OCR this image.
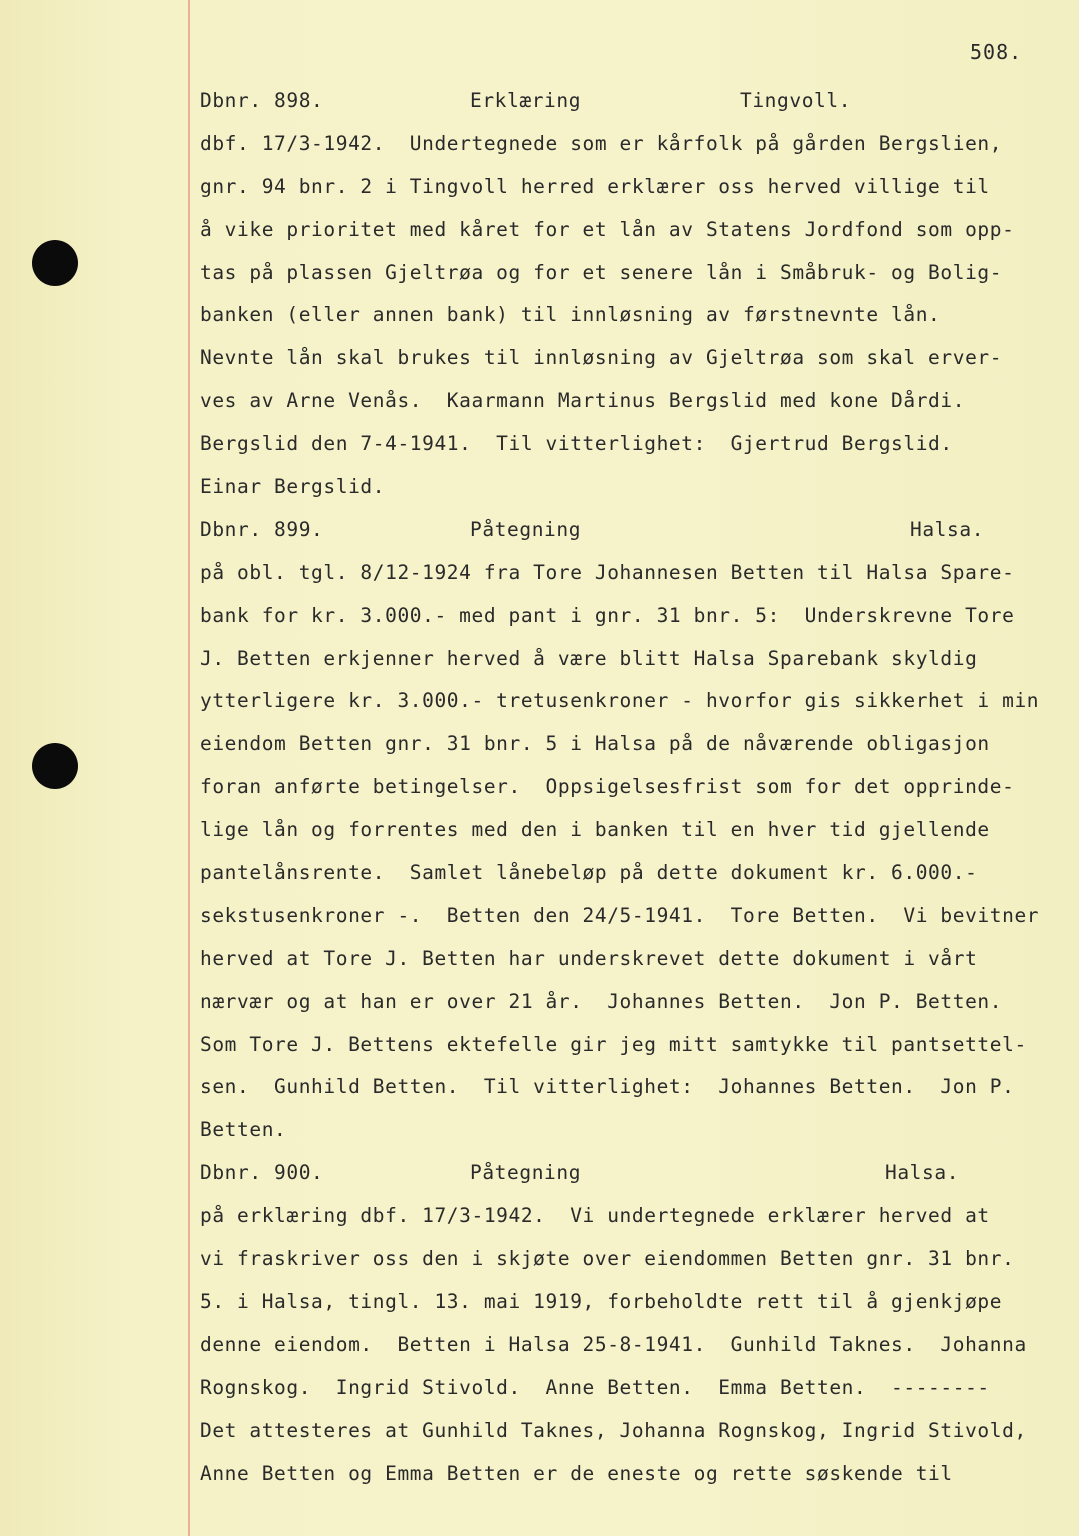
508.
Dbnr. 898.	Erklæring	Tingvoll.
dbf. 17/3-1942.  Undertegnede som er kårfolk på gården Bergslien,
gnr. 94 bnr. 2 i Tingvoll herred erklærer oss herved villige til
å vike prioritet med kåret for et lån av Statens Jordfond som opp-
tas på plassen Gjeltrøa og for et senere lån i Småbruk- og Bolig-
banken (eller annen bank) til innløsning av førstnevnte lån.
Nevnte lån skal brukes til innløsning av Gjeltrøa som skal erver-
ves av Arne Venås.  Kaarmann Martinus Bergslid med kone Dårdi.
Bergslid den 7-4-1941.  Til vitterlighet:  Gjertrud Bergslid.
Einar Bergslid.
Dbnr. 899.	Påtegning	Halsa.
på obl. tgl. 8/12-1924 fra Tore Johannesen Betten til Halsa Spare-
bank for kr. 3.000.- med pant i gnr. 31 bnr. 5:  Underskrevne Tore
J. Betten erkjenner herved å være blitt Halsa Sparebank skyldig
ytterligere kr. 3.000.- tretusenkroner - hvorfor gis sikkerhet i min
eiendom Betten gnr. 31 bnr. 5 i Halsa på de nåværende obligasjon
foran anførte betingelser.  Oppsigelsesfrist som for det opprinde-
lige lån og forrentes med den i banken til en hver tid gjellende
pantelånsrente.  Samlet lånebeløp på dette dokument kr. 6.000.-
sekstusenkroner -.  Betten den 24/5-1941.  Tore Betten.  Vi bevitner
herved at Tore J. Betten har underskrevet dette dokument i vårt
nærvær og at han er over 21 år.  Johannes Betten.  Jon P. Betten.
Som Tore J. Bettens ektefelle gir jeg mitt samtykke til pantsettel-
sen.  Gunhild Betten.  Til vitterlighet:  Johannes Betten.  Jon P.
Betten.
Dbnr. 900.	Påtegning	Halsa.
på erklæring dbf. 17/3-1942.  Vi undertegnede erklærer herved at
vi fraskriver oss den i skjøte over eiendommen Betten gnr. 31 bnr.
5. i Halsa, tingl. 13. mai 1919, forbeholdte rett til å gjenkjøpe
denne eiendom.  Betten i Halsa 25-8-1941.  Gunhild Taknes.  Johanna
Rognskog.  Ingrid Stivold.  Anne Betten.  Emma Betten.  --------
Det attesteres at Gunhild Taknes, Johanna Rognskog, Ingrid Stivold,
Anne Betten og Emma Betten er de eneste og rette søskende til
